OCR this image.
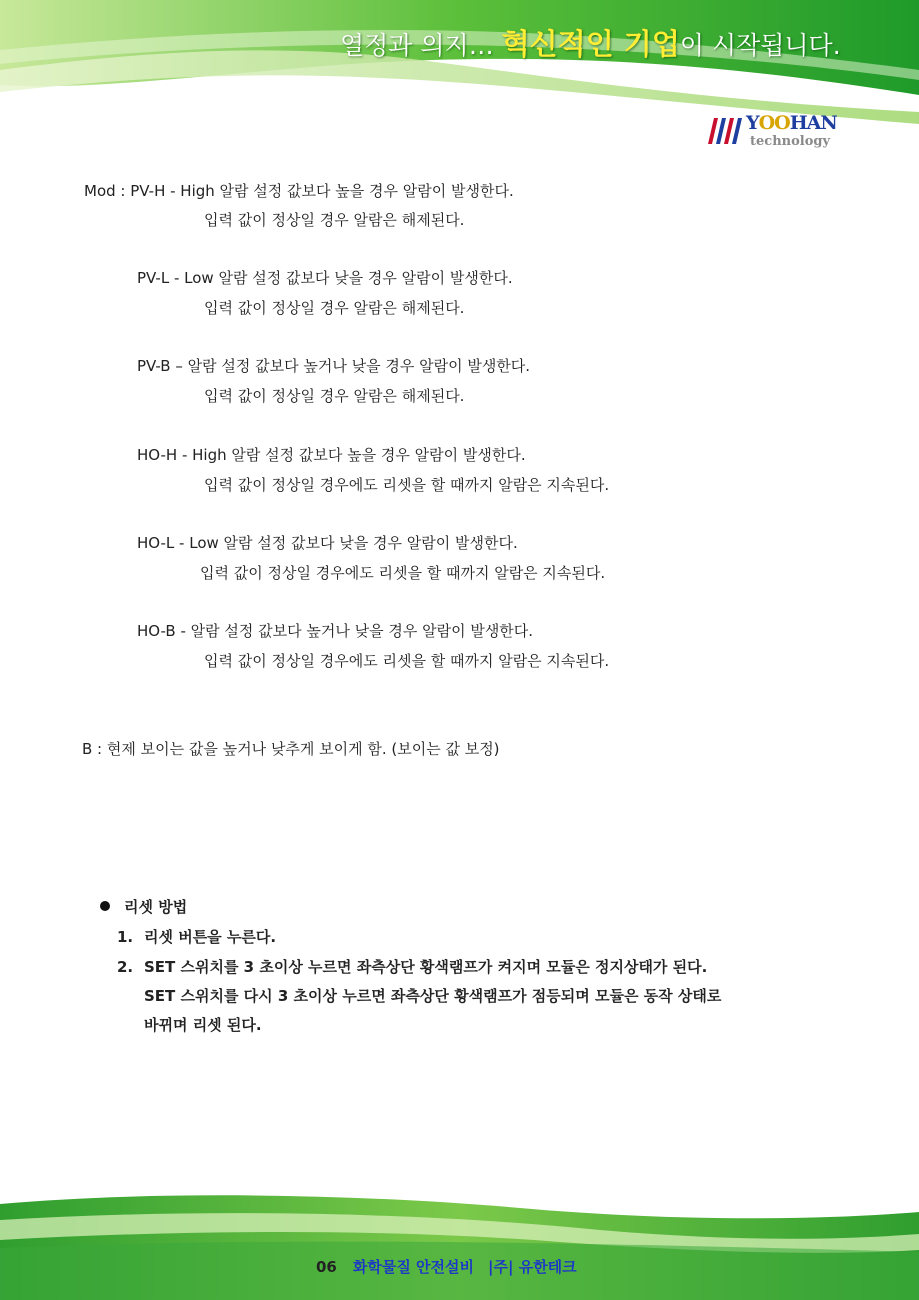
열정과 의지… 혁신적인 기업이 시작됩니다.
YOOHAN
technology
Mod : PV-H - High 알람 설정 값보다 높을 경우 알람이 발생한다.
입력 값이 정상일 경우 알람은 해제된다.
PV-L - Low 알람 설정 값보다 낮을 경우 알람이 발생한다.
입력 값이 정상일 경우 알람은 해제된다.
PV-B – 알람 설정 값보다 높거나 낮을 경우 알람이 발생한다.
입력 값이 정상일 경우 알람은 해제된다.
HO-H - High 알람 설정 값보다 높을 경우 알람이 발생한다.
입력 값이 정상일 경우에도 리셋을 할 때까지 알람은 지속된다.
HO-L - Low 알람 설정 값보다 낮을 경우 알람이 발생한다.
입력 값이 정상일 경우에도 리셋을 할 때까지 알람은 지속된다.
HO-B - 알람 설정 값보다 높거나 낮을 경우 알람이 발생한다.
입력 값이 정상일 경우에도 리셋을 할 때까지 알람은 지속된다.
B : 현제 보이는 값을 높거나 낮추게 보이게 함. (보이는 값 보정)
리셋 방법
1. 리셋 버튼을 누른다.
2. SET 스위치를 3 초이상 누르면 좌측상단 황색램프가 켜지며 모듈은 정지상태가 된다.
SET 스위치를 다시 3 초이상 누르면 좌측상단 황색램프가 점등되며 모듈은 동작 상태로
바뀌며 리셋 된다.
06 화학물질 안전설비 |주| 유한테크
